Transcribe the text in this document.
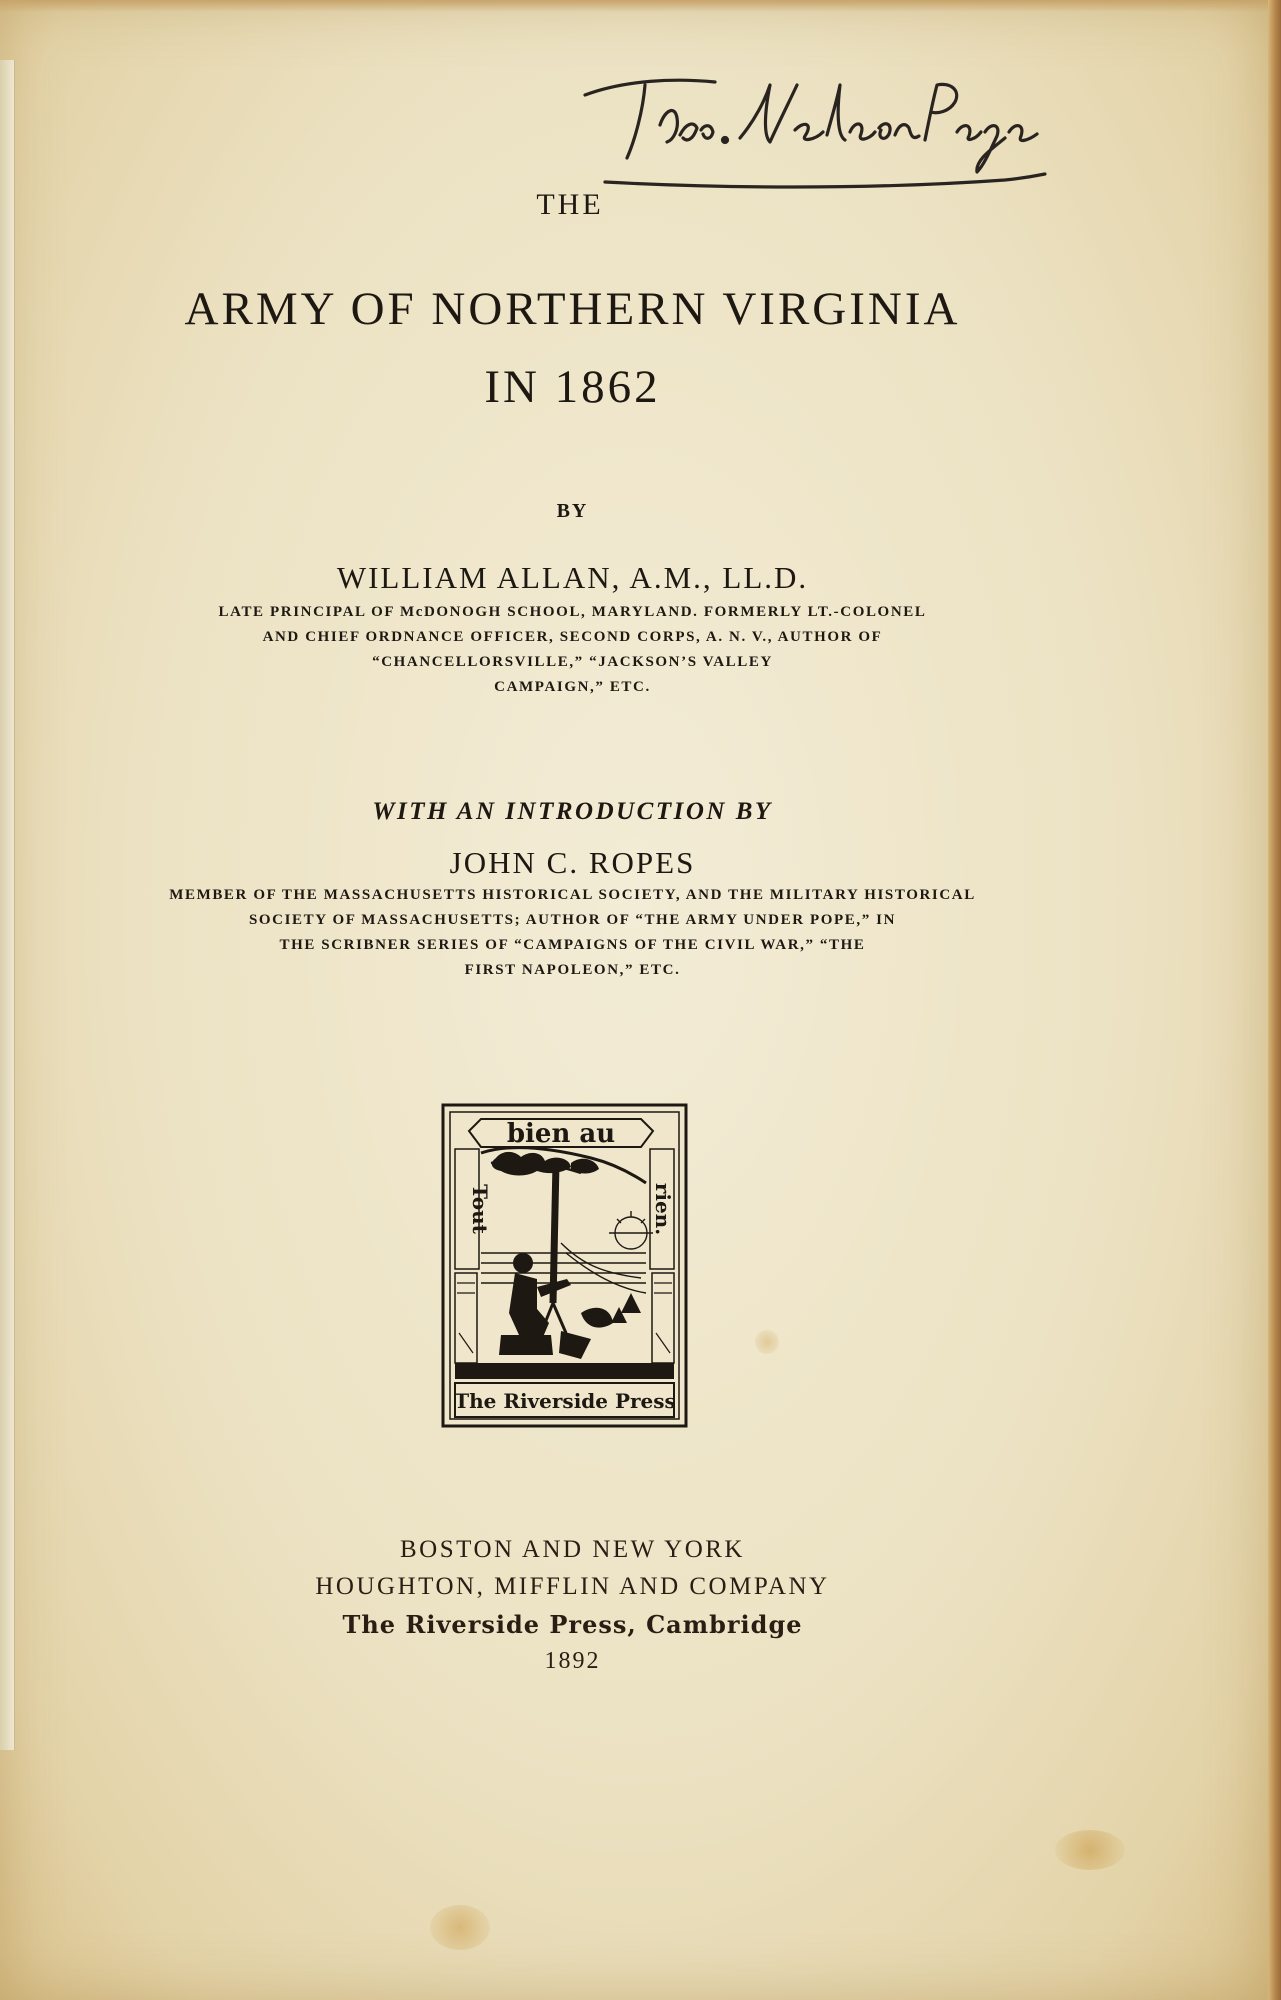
THE
ARMY OF NORTHERN VIRGINIA
IN 1862
BY
WILLIAM ALLAN, A.M., LL.D.
LATE PRINCIPAL OF McDONOGH SCHOOL, MARYLAND. FORMERLY LT.-COLONEL
AND CHIEF ORDNANCE OFFICER, SECOND CORPS, A. N. V., AUTHOR OF
“CHANCELLORSVILLE,” “JACKSON’S VALLEY
CAMPAIGN,” ETC.
WITH AN INTRODUCTION BY
JOHN C. ROPES
MEMBER OF THE MASSACHUSETTS HISTORICAL SOCIETY, AND THE MILITARY HISTORICAL
SOCIETY OF MASSACHUSETTS; AUTHOR OF “THE ARMY UNDER POPE,” IN
THE SCRIBNER SERIES OF “CAMPAIGNS OF THE CIVIL WAR,” “THE
FIRST NAPOLEON,” ETC.
bien au
Tout	rien.
The Riverside Press
BOSTON AND NEW YORK
HOUGHTON, MIFFLIN AND COMPANY
The Riverside Press, Cambridge
1892
